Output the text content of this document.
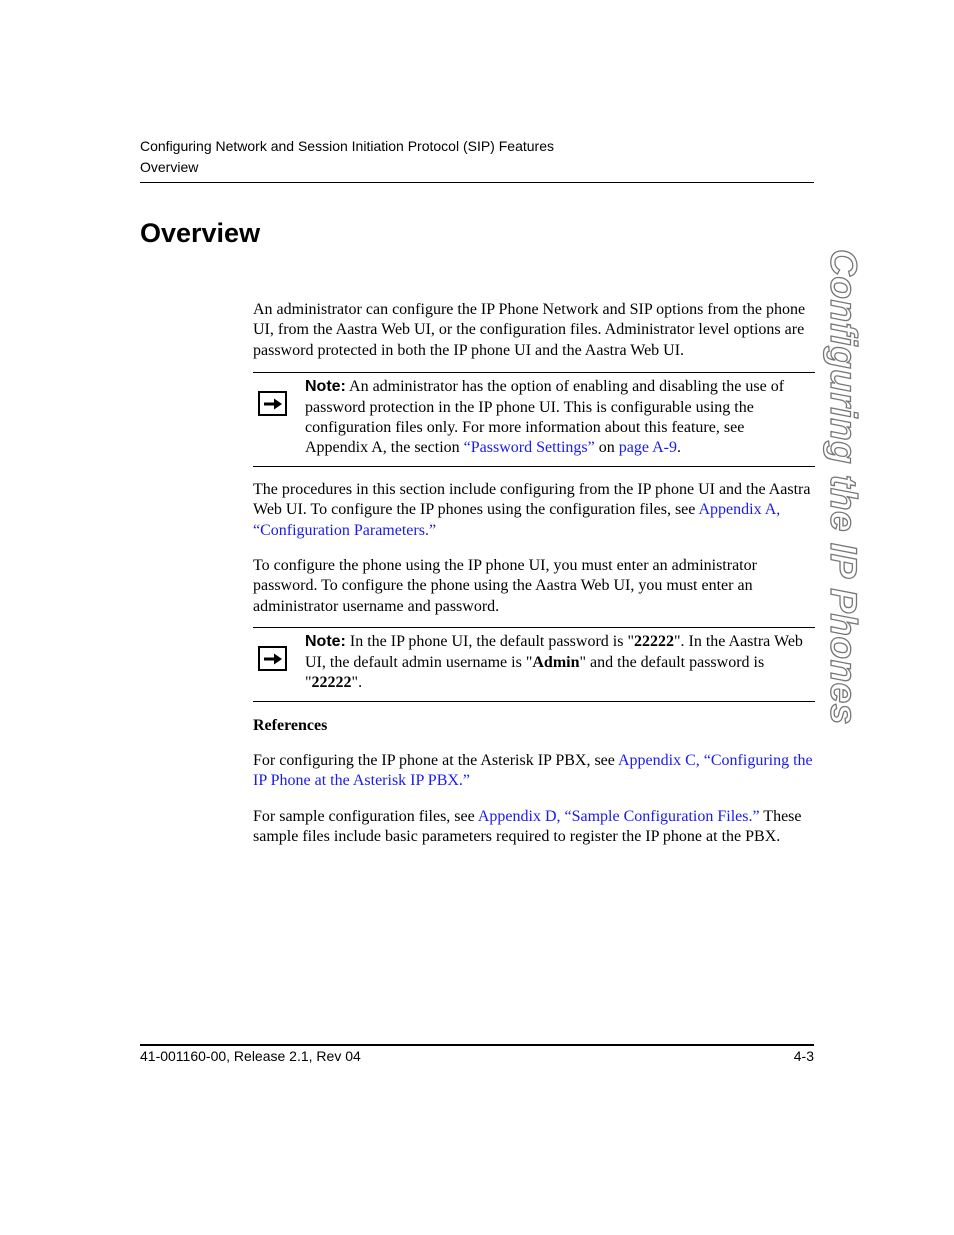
Configuring Network and Session Initiation Protocol (SIP) Features
Overview
Overview

An administrator can configure the IP Phone Network and SIP options from the phone UI, from the Aastra Web UI, or the configuration files. Administrator level options are password protected in both the IP phone UI and the Aastra Web UI.

Note: An administrator has the option of enabling and disabling the use of password protection in the IP phone UI. This is configurable using the configuration files only. For more information about this feature, see Appendix A, the section “Password Settings” on page A-9.

The procedures in this section include configuring from the IP phone UI and the Aastra Web UI. To configure the IP phones using the configuration files, see Appendix A, “Configuration Parameters.”

To configure the phone using the IP phone UI, you must enter an administrator password. To configure the phone using the Aastra Web UI, you must enter an administrator username and password.

Note: In the IP phone UI, the default password is "22222". In the Aastra Web UI, the default admin username is "Admin" and the default password is "22222".

References

For configuring the IP phone at the Asterisk IP PBX, see Appendix C, “Configuring the IP Phone at the Asterisk IP PBX.”

For sample configuration files, see Appendix D, “Sample Configuration Files.” These sample files include basic parameters required to register the IP phone at the PBX.

Configuring the IP Phones
41-001160-00, Release 2.1, Rev 04	4-3
